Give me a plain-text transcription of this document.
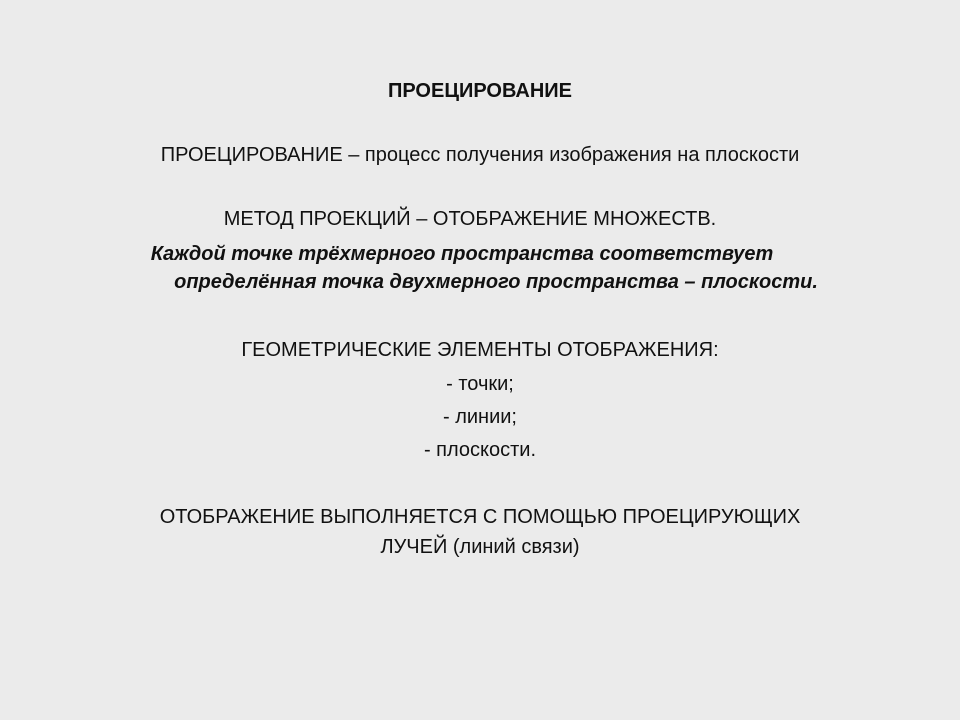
ПРОЕЦИРОВАНИЕ
ПРОЕЦИРОВАНИЕ – процесс получения изображения на плоскости
МЕТОД ПРОЕКЦИЙ – ОТОБРАЖЕНИЕ МНОЖЕСТВ.
Каждой точке трёхмерного пространства соответствует
определённая точка двухмерного пространства – плоскости.
ГЕОМЕТРИЧЕСКИЕ ЭЛЕМЕНТЫ ОТОБРАЖЕНИЯ:
- точки;
- линии;
- плоскости.
ОТОБРАЖЕНИЕ ВЫПОЛНЯЕТСЯ С ПОМОЩЬЮ ПРОЕЦИРУЮЩИХ
ЛУЧЕЙ (линий связи)
